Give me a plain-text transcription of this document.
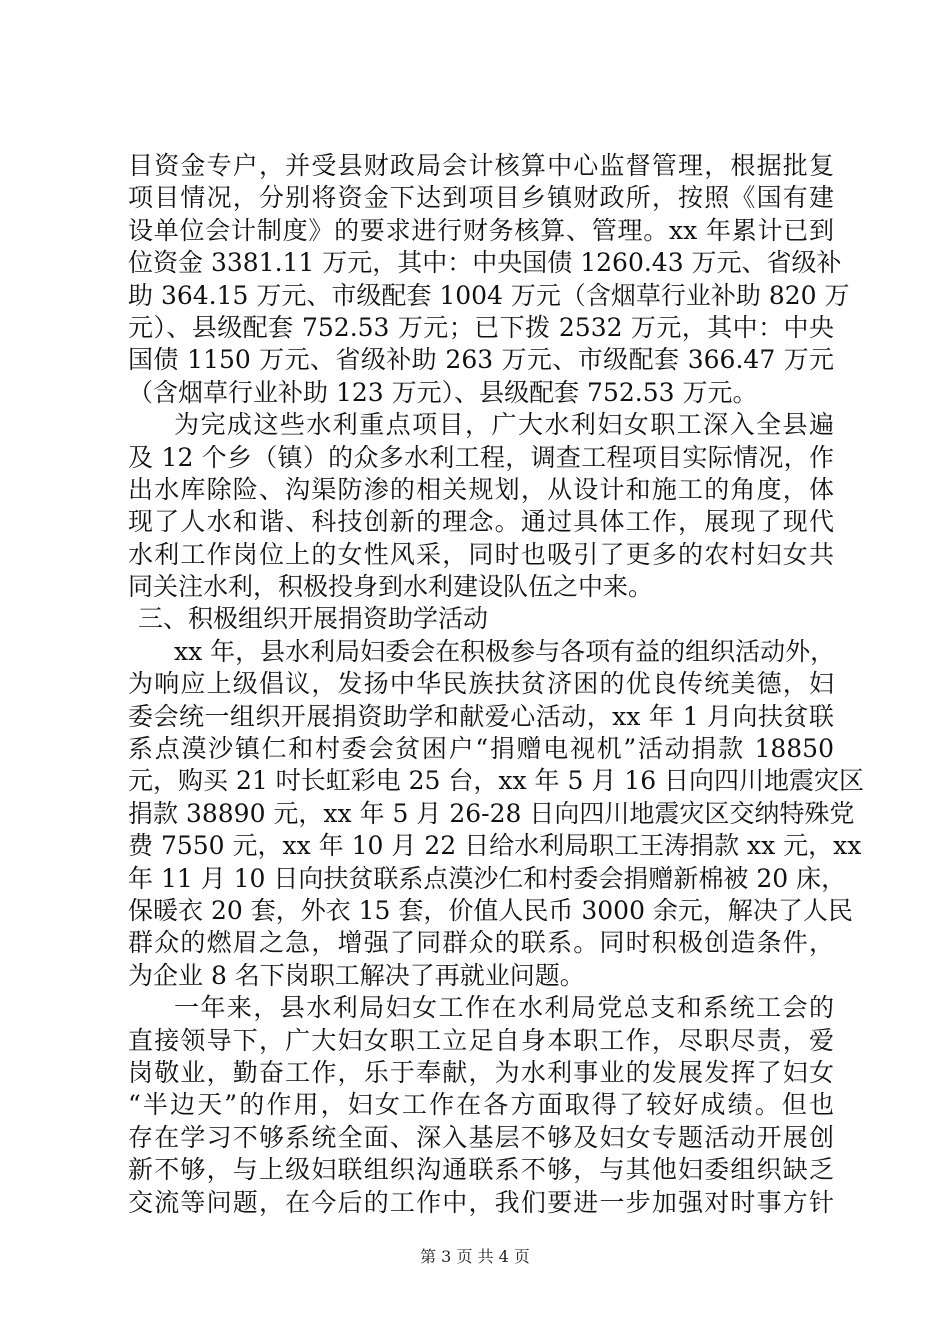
目资金专户，并受县财政局会计核算中心监督管理，根据批复
项目情况，分别将资金下达到项目乡镇财政所，按照《国有建
设单位会计制度》的要求进行财务核算、管理。xx 年累计已到
位资金 3381.11 万元，其中：中央国债 1260.43 万元、省级补
助 364.15 万元、市级配套 1004 万元（含烟草行业补助 820 万
元）、县级配套 752.53 万元；已下拨 2532 万元，其中：中央
国债 1150 万元、省级补助 263 万元、市级配套 366.47 万元
（含烟草行业补助 123 万元）、县级配套 752.53 万元。
为完成这些水利重点项目，广大水利妇女职工深入全县遍
及 12 个乡（镇）的众多水利工程，调查工程项目实际情况，作
出水库除险、沟渠防渗的相关规划，从设计和施工的角度，体
现了人水和谐、科技创新的理念。通过具体工作，展现了现代
水利工作岗位上的女性风采，同时也吸引了更多的农村妇女共
同关注水利，积极投身到水利建设队伍之中来。
三、积极组织开展捐资助学活动
xx 年，县水利局妇委会在积极参与各项有益的组织活动外，
为响应上级倡议，发扬中华民族扶贫济困的优良传统美德，妇
委会统一组织开展捐资助学和献爱心活动，xx 年 1 月向扶贫联
系点漠沙镇仁和村委会贫困户“捐赠电视机”活动捐款 18850
元，购买 21 吋长虹彩电 25 台，xx 年 5 月 16 日向四川地震灾区
捐款 38890 元，xx 年 5 月 26-28 日向四川地震灾区交纳特殊党
费 7550 元，xx 年 10 月 22 日给水利局职工王涛捐款 xx 元，xx
年 11 月 10 日向扶贫联系点漠沙仁和村委会捐赠新棉被 20 床，
保暖衣 20 套，外衣 15 套，价值人民币 3000 余元，解决了人民
群众的燃眉之急，增强了同群众的联系。同时积极创造条件，
为企业 8 名下岗职工解决了再就业问题。
一年来，县水利局妇女工作在水利局党总支和系统工会的
直接领导下，广大妇女职工立足自身本职工作，尽职尽责，爱
岗敬业，勤奋工作，乐于奉献，为水利事业的发展发挥了妇女
“半边天”的作用，妇女工作在各方面取得了较好成绩。但也
存在学习不够系统全面、深入基层不够及妇女专题活动开展创
新不够，与上级妇联组织沟通联系不够，与其他妇委组织缺乏
交流等问题，在今后的工作中，我们要进一步加强对时事方针
第 3 页 共 4 页
